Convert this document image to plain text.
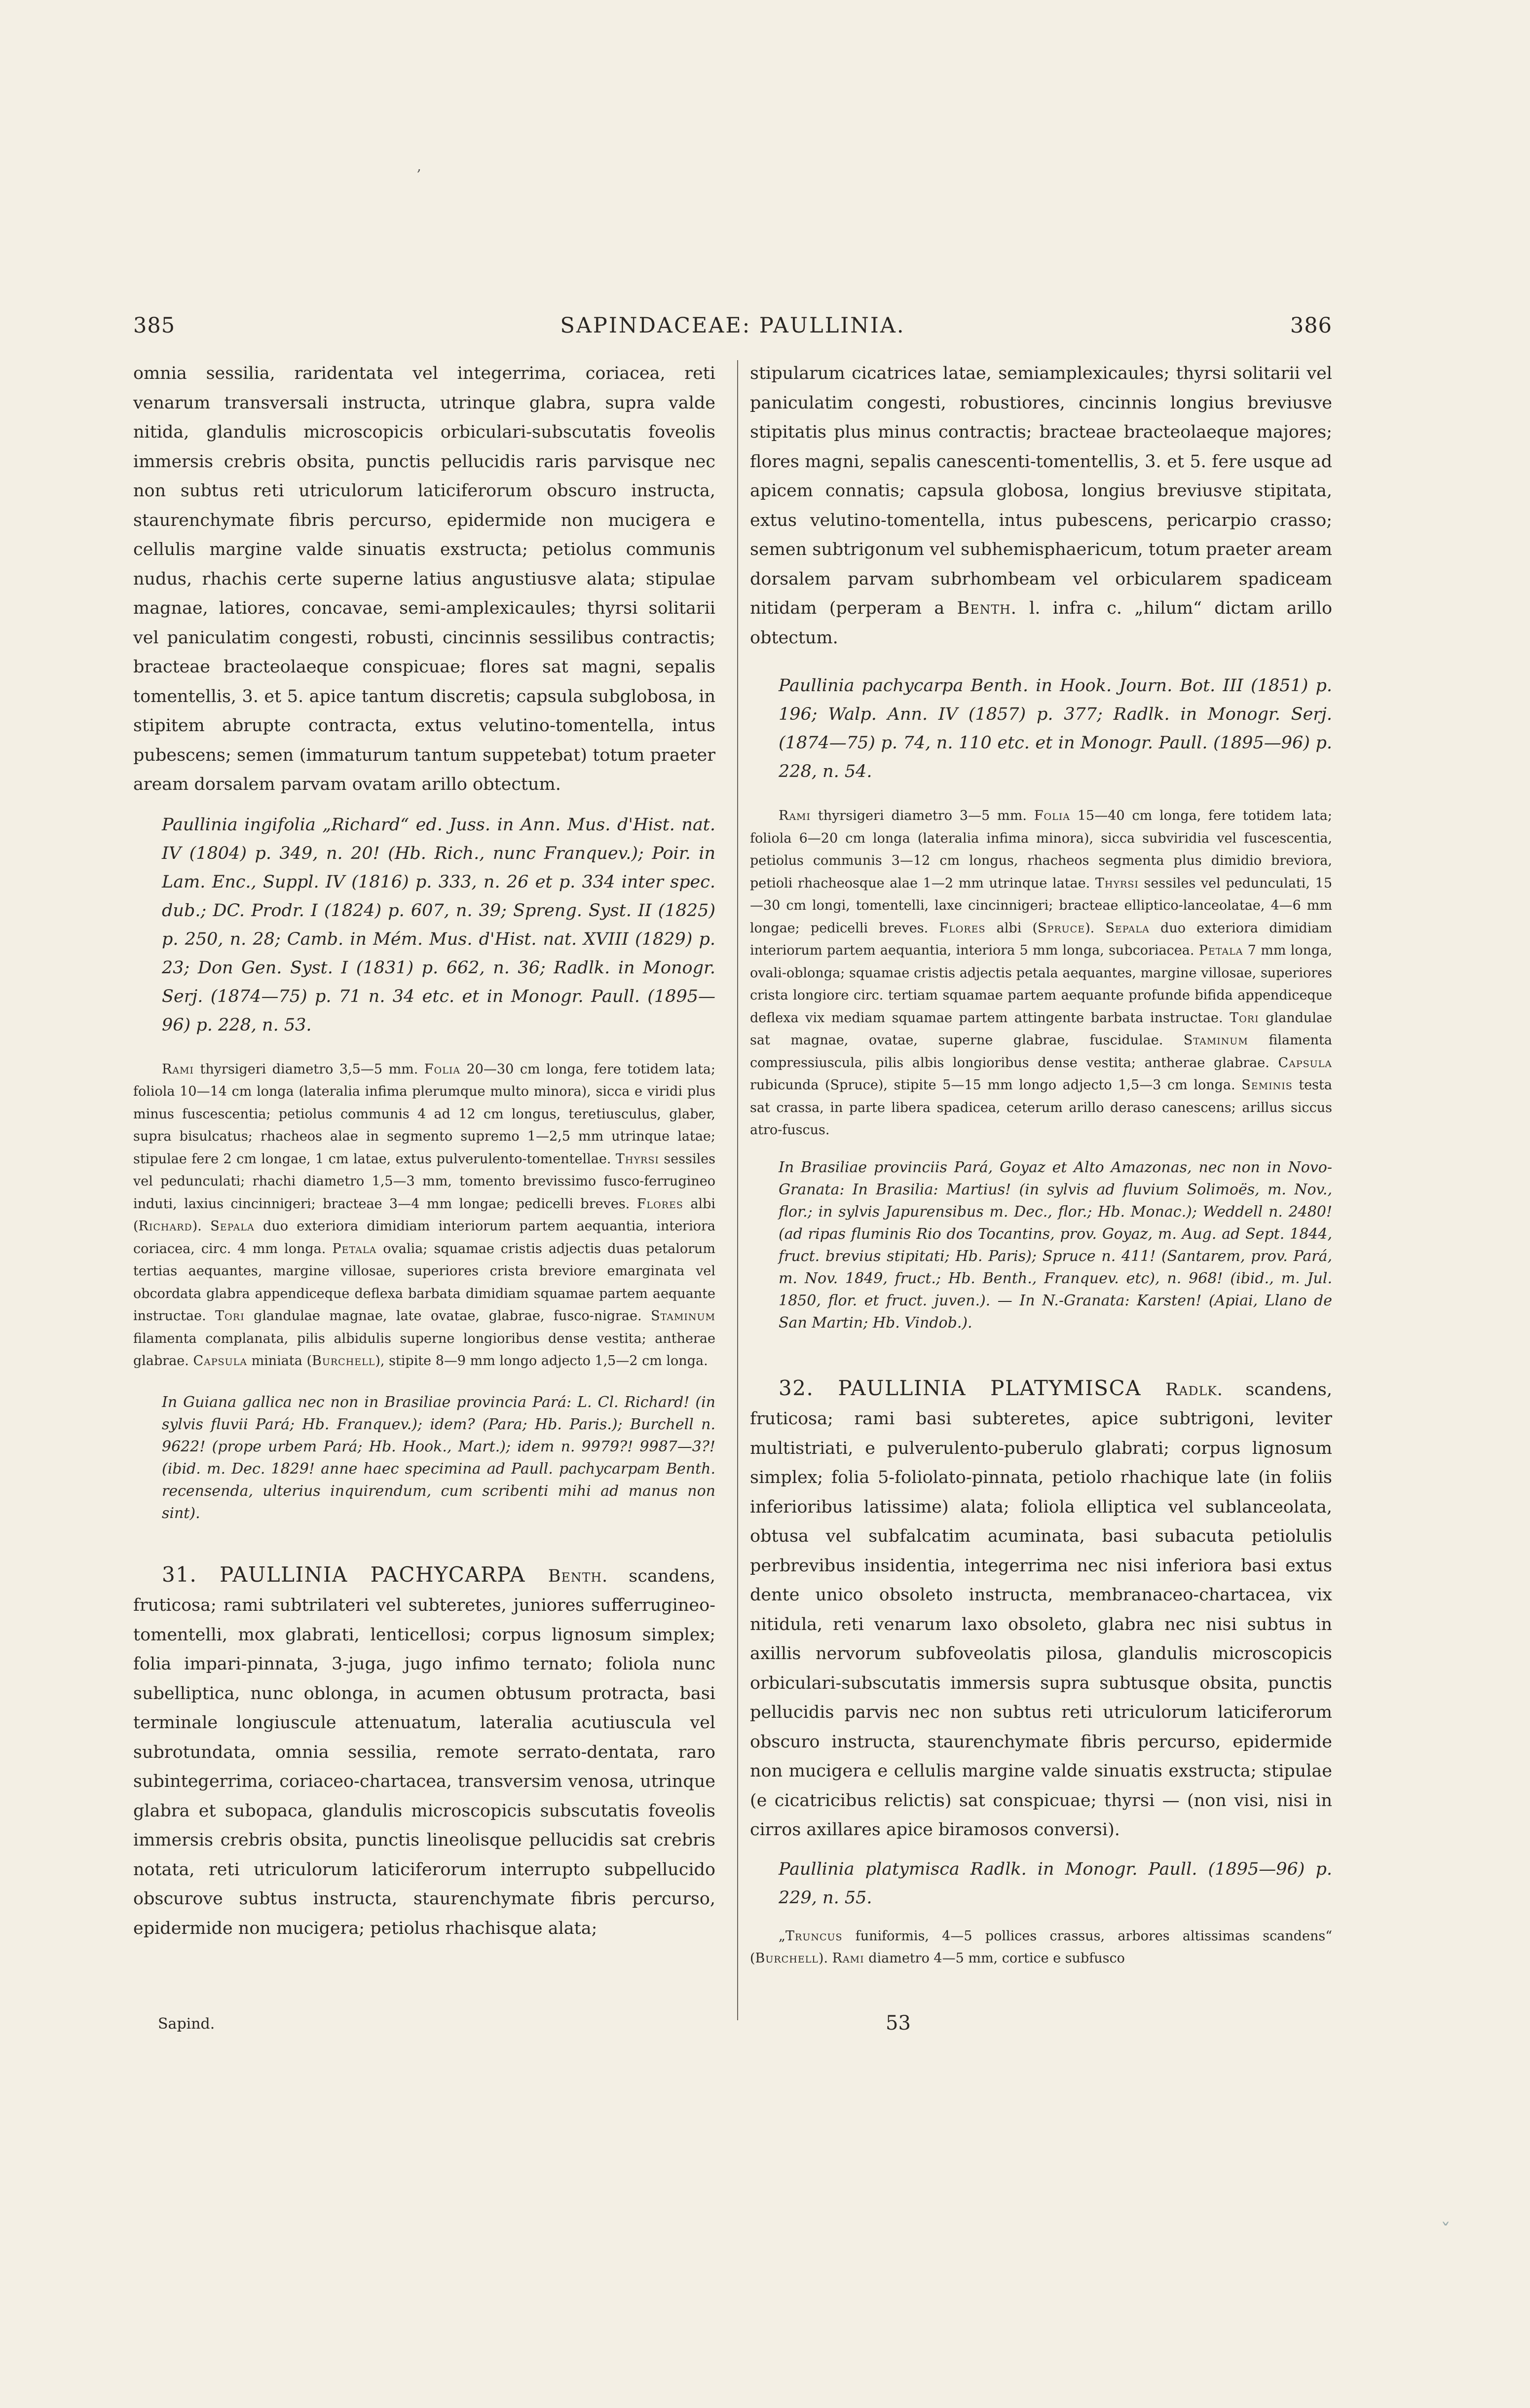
,
385	SAPINDACEAE: PAULLINIA.	386

omnia sessilia, raridentata vel integerrima, coriacea, reti venarum transversali instructa, utrinque glabra, supra valde nitida, glandulis microscopicis orbiculari-subscutatis foveolis immersis crebris obsita, punctis pellucidis raris parvisque nec non subtus reti utriculorum laticiferorum obscuro instructa, staurenchymate fibris percurso, epidermide non mucigera e cellulis margine valde sinuatis exstructa; petiolus communis nudus, rhachis certe superne latius angustiusve alata; stipulae magnae, latiores, concavae, semi-amplexicaules; thyrsi solitarii vel paniculatim congesti, robusti, cincinnis sessilibus contractis; bracteae bracteolaeque conspicuae; flores sat magni, sepalis tomentellis, 3. et 5. apice tantum discretis; capsula subglobosa, in stipitem abrupte contracta, extus velutino-tomentella, intus pubescens; semen (immaturum tantum suppetebat) totum praeter aream dorsalem parvam ovatam arillo obtectum.

Paullinia ingifolia „Richard“ ed. Juss. in Ann. Mus. d'Hist. nat. IV (1804) p. 349, n. 20! (Hb. Rich., nunc Franquev.); Poir. in Lam. Enc., Suppl. IV (1816) p. 333, n. 26 et p. 334 inter spec. dub.; DC. Prodr. I (1824) p. 607, n. 39; Spreng. Syst. II (1825) p. 250, n. 28; Camb. in Mém. Mus. d'Hist. nat. XVIII (1829) p. 23; Don Gen. Syst. I (1831) p. 662, n. 36; Radlk. in Monogr. Serj. (1874—75) p. 71 n. 34 etc. et in Monogr. Paull. (1895—96) p. 228, n. 53.

Rami thyrsigeri diametro 3,5—5 mm. Folia 20—30 cm longa, fere totidem lata; foliola 10—14 cm longa (lateralia infima plerumque multo minora), sicca e viridi plus minus fuscescentia; petiolus communis 4 ad 12 cm longus, teretiusculus, glaber, supra bisulcatus; rhacheos alae in segmento supremo 1—2,5 mm utrinque latae; stipulae fere 2 cm longae, 1 cm latae, extus pulverulento-tomentellae. Thyrsi sessiles vel pedunculati; rhachi diametro 1,5—3 mm, tomento brevissimo fusco-ferrugineo induti, laxius cincinnigeri; bracteae 3—4 mm longae; pedicelli breves. Flores albi (Richard). Sepala duo exteriora dimidiam interiorum partem aequantia, interiora coriacea, circ. 4 mm longa. Petala ovalia; squamae cristis adjectis duas petalorum tertias aequantes, margine villosae, superiores crista breviore emarginata vel obcordata glabra appendiceque deflexa barbata dimidiam squamae partem aequante instructae. Tori glandulae magnae, late ovatae, glabrae, fusco-nigrae. Staminum filamenta complanata, pilis albidulis superne longioribus dense vestita; antherae glabrae. Capsula miniata (Burchell), stipite 8—9 mm longo adjecto 1,5—2 cm longa.

In Guiana gallica nec non in Brasiliae provincia Pará: L. Cl. Richard! (in sylvis fluvii Pará; Hb. Franquev.); idem? (Para; Hb. Paris.); Burchell n. 9622! (prope urbem Pará; Hb. Hook., Mart.); idem n. 9979?! 9987—3?! (ibid. m. Dec. 1829! anne haec specimina ad Paull. pachycarpam Benth. recensenda, ulterius inquirendum, cum scribenti mihi ad manus non sint).

31. PAULLINIA PACHYCARPA Benth. scandens, fruticosa; rami subtrilateri vel subteretes, juniores sufferrugineo-tomentelli, mox glabrati, lenticellosi; corpus lignosum simplex; folia impari-pinnata, 3-juga, jugo infimo ternato; foliola nunc subelliptica, nunc oblonga, in acumen obtusum protracta, basi terminale longiuscule attenuatum, lateralia acutiuscula vel subrotundata, omnia sessilia, remote serrato-dentata, raro subintegerrima, coriaceo-chartacea, transversim venosa, utrinque glabra et subopaca, glandulis microscopicis subscutatis foveolis immersis crebris obsita, punctis lineolisque pellucidis sat crebris notata, reti utriculorum laticiferorum interrupto subpellucido obscurove subtus instructa, staurenchymate fibris percurso, epidermide non mucigera; petiolus rhachisque alata;

stipularum cicatrices latae, semiamplexicaules; thyrsi solitarii vel paniculatim congesti, robustiores, cincinnis longius breviusve stipitatis plus minus contractis; bracteae bracteolaeque majores; flores magni, sepalis canescenti-tomentellis, 3. et 5. fere usque ad apicem connatis; capsula globosa, longius breviusve stipitata, extus velutino-tomentella, intus pubescens, pericarpio crasso; semen subtrigonum vel subhemisphaericum, totum praeter aream dorsalem parvam subrhombeam vel orbicularem spadiceam nitidam (perperam a Benth. l. infra c. „hilum“ dictam arillo obtectum.

Paullinia pachycarpa Benth. in Hook. Journ. Bot. III (1851) p. 196; Walp. Ann. IV (1857) p. 377; Radlk. in Monogr. Serj. (1874—75) p. 74, n. 110 etc. et in Monogr. Paull. (1895—96) p. 228, n. 54.

Rami thyrsigeri diametro 3—5 mm. Folia 15—40 cm longa, fere totidem lata; foliola 6—20 cm longa (lateralia infima minora), sicca subviridia vel fuscescentia, petiolus communis 3—12 cm longus, rhacheos segmenta plus dimidio breviora, petioli rhacheosque alae 1—2 mm utrinque latae. Thyrsi sessiles vel pedunculati, 15—30 cm longi, tomentelli, laxe cincinnigeri; bracteae elliptico-lanceolatae, 4—6 mm longae; pedicelli breves. Flores albi (Spruce). Sepala duo exteriora dimidiam interiorum partem aequantia, interiora 5 mm longa, subcoriacea. Petala 7 mm longa, ovali-oblonga; squamae cristis adjectis petala aequantes, margine villosae, superiores crista longiore circ. tertiam squamae partem aequante profunde bifida appendiceque deflexa vix mediam squamae partem attingente barbata instructae. Tori glandulae sat magnae, ovatae, superne glabrae, fuscidulae. Staminum filamenta compressiuscula, pilis albis longioribus dense vestita; antherae glabrae. Capsula rubicunda (Spruce), stipite 5—15 mm longo adjecto 1,5—3 cm longa. Seminis testa sat crassa, in parte libera spadicea, ceterum arillo deraso canescens; arillus siccus atro-fuscus.

In Brasiliae provinciis Pará, Goyaz et Alto Amazonas, nec non in Novo-Granata: In Brasilia: Martius! (in sylvis ad fluvium Solimoës, m. Nov., flor.; in sylvis Japurensibus m. Dec., flor.; Hb. Monac.); Weddell n. 2480! (ad ripas fluminis Rio dos Tocantins, prov. Goyaz, m. Aug. ad Sept. 1844, fruct. brevius stipitati; Hb. Paris); Spruce n. 411! (Santarem, prov. Pará, m. Nov. 1849, fruct.; Hb. Benth., Franquev. etc), n. 968! (ibid., m. Jul. 1850, flor. et fruct. juven.). — In N.-Granata: Karsten! (Apiai, Llano de San Martin; Hb. Vindob.).

32. PAULLINIA PLATYMISCA Radlk. scandens, fruticosa; rami basi subteretes, apice subtrigoni, leviter multistriati, e pulverulento-puberulo glabrati; corpus lignosum simplex; folia 5-foliolato-pinnata, petiolo rhachique late (in foliis inferioribus latissime) alata; foliola elliptica vel sublanceolata, obtusa vel subfalcatim acuminata, basi subacuta petiolulis perbrevibus insidentia, integerrima nec nisi inferiora basi extus dente unico obsoleto instructa, membranaceo-chartacea, vix nitidula, reti venarum laxo obsoleto, glabra nec nisi subtus in axillis nervorum subfoveolatis pilosa, glandulis microscopicis orbiculari-subscutatis immersis supra subtusque obsita, punctis pellucidis parvis nec non subtus reti utriculorum laticiferorum obscuro instructa, staurenchymate fibris percurso, epidermide non mucigera e cellulis margine valde sinuatis exstructa; stipulae (e cicatricibus relictis) sat conspicuae; thyrsi — (non visi, nisi in cirros axillares apice biramosos conversi).

Paullinia platymisca Radlk. in Monogr. Paull. (1895—96) p. 229, n. 55.

„Truncus funiformis, 4—5 pollices crassus, arbores altissimas scandens“ (Burchell). Rami diametro 4—5 mm, cortice e subfusco

Sapind.	53
ˇ
